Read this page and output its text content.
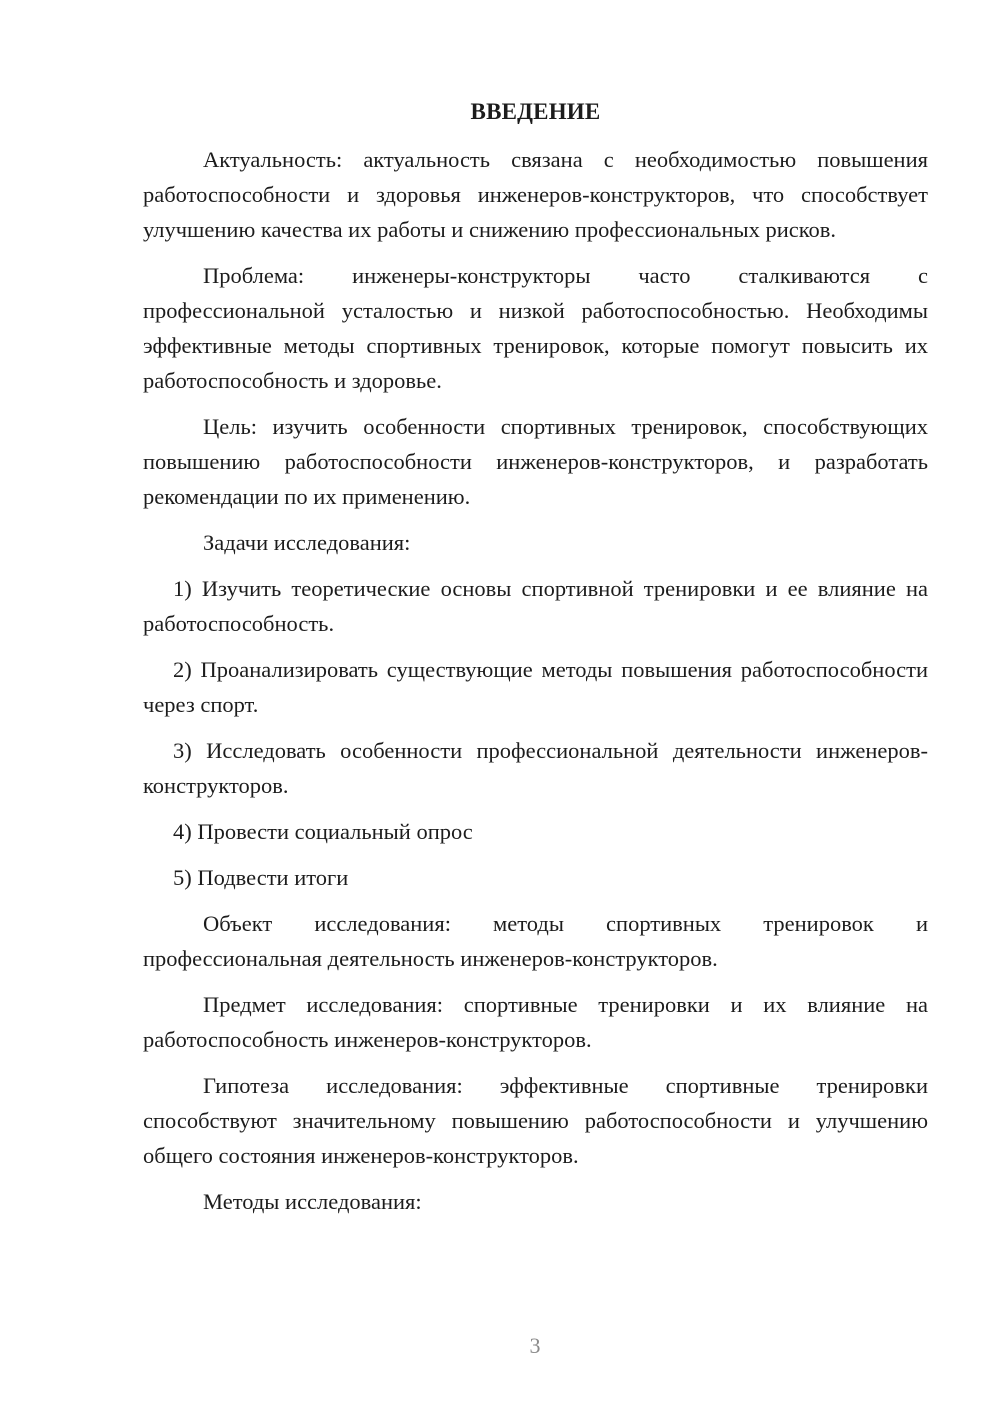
ВВЕДЕНИЕ

Актуальность: актуальность связана с необходимостью повышения работоспособности и здоровья инженеров-конструкторов, что способствует улучшению качества их работы и снижению профессиональных рисков.

Проблема: инженеры-конструкторы часто сталкиваются с профессиональной усталостью и низкой работоспособностью. Необходимы эффективные методы спортивных тренировок, которые помогут повысить их работоспособность и здоровье.

Цель: изучить особенности спортивных тренировок, способствующих повышению работоспособности инженеров-конструкторов, и разработать рекомендации по их применению.

Задачи исследования:

1) Изучить теоретические основы спортивной тренировки и ее влияние на работоспособность.

2) Проанализировать существующие методы повышения работоспособности через спорт.

3) Исследовать особенности профессиональной деятельности инженеров-конструкторов.

4) Провести социальный опрос

5) Подвести итоги

Объект исследования: методы спортивных тренировок и профессиональная деятельность инженеров-конструкторов.

Предмет исследования: спортивные тренировки и их влияние на работоспособность инженеров-конструкторов.

Гипотеза исследования: эффективные спортивные тренировки способствуют значительному повышению работоспособности и улучшению общего состояния инженеров-конструкторов.

Методы исследования:

3
